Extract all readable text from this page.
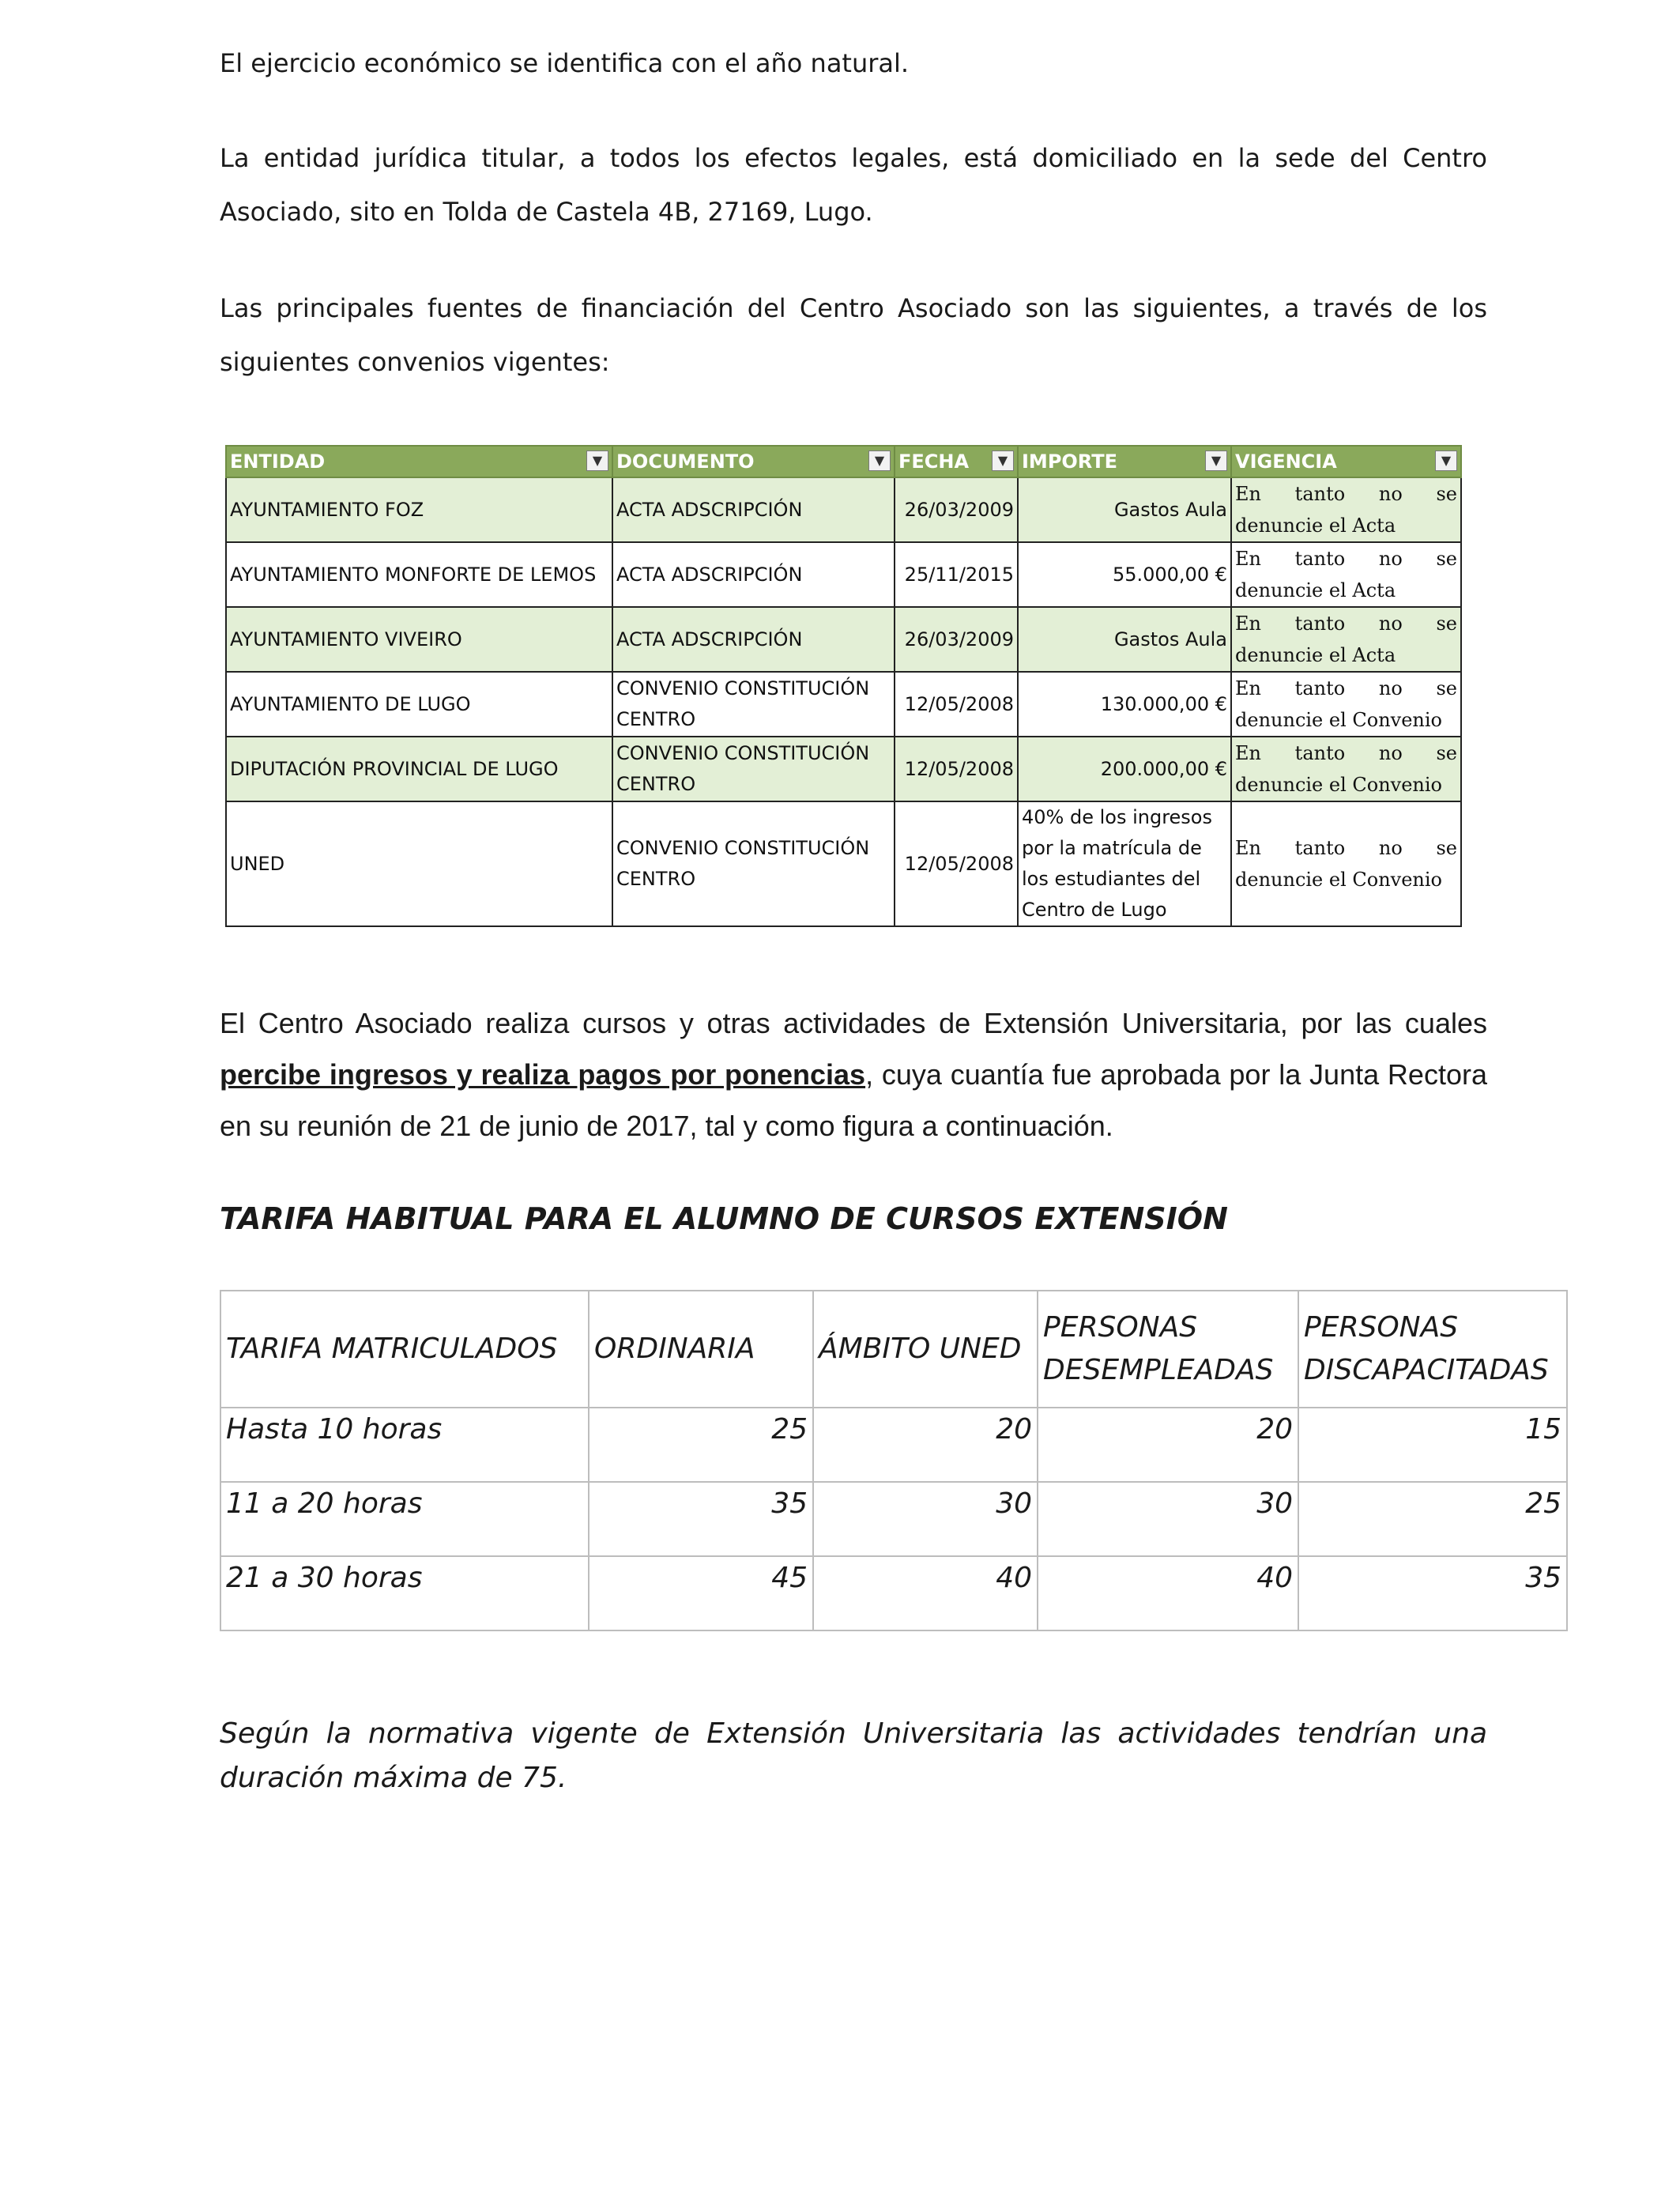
El ejercicio económico se identifica con el año natural.

La entidad jurídica titular, a todos los efectos legales, está domiciliado en la sede del Centro Asociado, sito en Tolda de Castela 4B, 27169, Lugo.

Las principales fuentes de financiación del Centro Asociado son las siguientes, a través de los siguientes convenios vigentes:

ENTIDAD ▼	DOCUMENTO ▼	FECHA ▼	IMPORTE ▼	VIGENCIA ▼

AYUNTAMIENTO FOZ	ACTA ADSCRIPCIÓN	26/03/2009	Gastos Aula	En tanto no se
denuncie el Acta

AYUNTAMIENTO MONFORTE DE LEMOS	ACTA ADSCRIPCIÓN	25/11/2015	55.000,00 €	En tanto no se
denuncie el Acta

AYUNTAMIENTO VIVEIRO	ACTA ADSCRIPCIÓN	26/03/2009	Gastos Aula	En tanto no se
denuncie el Acta

AYUNTAMIENTO DE LUGO	CONVENIO CONSTITUCIÓN
CENTRO	12/05/2008	130.000,00 €	En tanto no se
denuncie el Convenio

DIPUTACIÓN PROVINCIAL DE LUGO	CONVENIO CONSTITUCIÓN
CENTRO	12/05/2008	200.000,00 €	En tanto no se
denuncie el Convenio

UNED	CONVENIO CONSTITUCIÓN
CENTRO	12/05/2008	40% de los ingresos
por la matrícula de
los estudiantes del
Centro de Lugo	En tanto no se
denuncie el Convenio

El Centro Asociado realiza cursos y otras actividades de Extensión Universitaria, por las cuales percibe ingresos y realiza pagos por ponencias, cuya cuantía fue aprobada por la Junta Rectora en su reunión de 21 de junio de 2017, tal y como figura a continuación.

TARIFA HABITUAL PARA EL ALUMNO DE CURSOS EXTENSIÓN
TARIFA MATRICULADOS	ORDINARIA	ÁMBITO UNED	PERSONAS DESEMPLEADAS	PERSONAS DISCAPACITADAS
Hasta 10 horas	25	20	20	15
11 a 20 horas	35	30	30	25
21 a 30 horas	45	40	40	35

Según la normativa vigente de Extensión Universitaria las actividades tendrían una duración máxima de 75.
